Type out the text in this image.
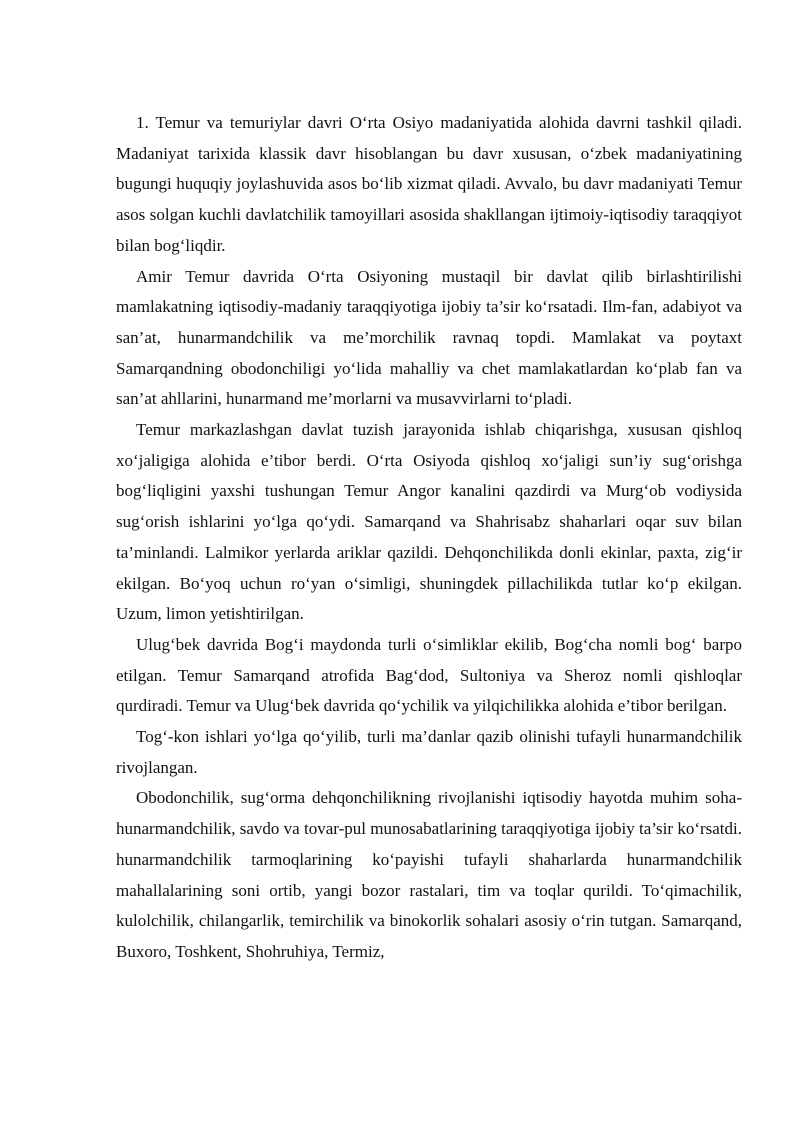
1. Temur va temuriylar davri O‘rta Osiyo madaniyatida alohida davrni tashkil qiladi. Madaniyat tarixida klassik davr hisoblangan bu davr xususan, o‘zbek madaniyatining bugungi huquqiy joylashuvida asos bo‘lib xizmat qiladi. Avvalo, bu davr madaniyati Temur asos solgan kuchli davlatchilik tamoyillari asosida shakllangan ijtimoiy-iqtisodiy taraqqiyot bilan bog‘liqdir.

Amir Temur davrida O‘rta Osiyoning mustaqil bir davlat qilib birlashtirilishi mamlakatning iqtisodiy-madaniy taraqqiyotiga ijobiy ta’sir ko‘rsatadi. Ilm-fan, adabiyot va san’at, hunarmandchilik va me’morchilik ravnaq topdi. Mamlakat va poytaxt Samarqandning obodonchiligi yo‘lida mahalliy va chet mamlakatlardan ko‘plab fan va san’at ahllarini, hunarmand me’morlarni va musavvirlarni to‘pladi.

Temur markazlashgan davlat tuzish jarayonida ishlab chiqarishga, xususan qishloq xo‘jaligiga alohida e’tibor berdi. O‘rta Osiyoda qishloq xo‘jaligi sun’iy sug‘orishga bog‘liqligini yaxshi tushungan Temur Angor kanalini qazdirdi va Murg‘ob vodiysida sug‘orish ishlarini yo‘lga qo‘ydi. Samarqand va Shahrisabz shaharlari oqar suv bilan ta’minlandi. Lalmikor yerlarda ariklar qazildi. Dehqonchilikda donli ekinlar, paxta, zig‘ir ekilgan. Bo‘yoq uchun ro‘yan o‘simligi, shuningdek pillachilikda tutlar ko‘p ekilgan. Uzum, limon yetishtirilgan.

Ulug‘bek davrida Bog‘i maydonda turli o‘simliklar ekilib, Bog‘cha nomli bog‘ barpo etilgan. Temur Samarqand atrofida Bag‘dod, Sultoniya va Sheroz nomli qishloqlar qurdiradi. Temur va Ulug‘bek davrida qo‘ychilik va yilqichilikka alohida e’tibor berilgan.

Tog‘-kon ishlari yo‘lga qo‘yilib, turli ma’danlar qazib olinishi tufayli hunarmandchilik rivojlangan.

Obodonchilik, sug‘orma dehqonchilikning rivojlanishi iqtisodiy hayotda muhim soha-hunarmandchilik, savdo va tovar-pul munosabatlarining taraqqiyotiga ijobiy ta’sir ko‘rsatdi. hunarmandchilik tarmoqlarining ko‘payishi tufayli shaharlarda hunarmandchilik mahallalarining soni ortib, yangi bozor rastalari, tim va toqlar qurildi. To‘qimachilik, kulolchilik, chilangarlik, temirchilik va binokorlik sohalari asosiy o‘rin tutgan. Samarqand, Buxoro, Toshkent, Shohruhiya, Termiz,
